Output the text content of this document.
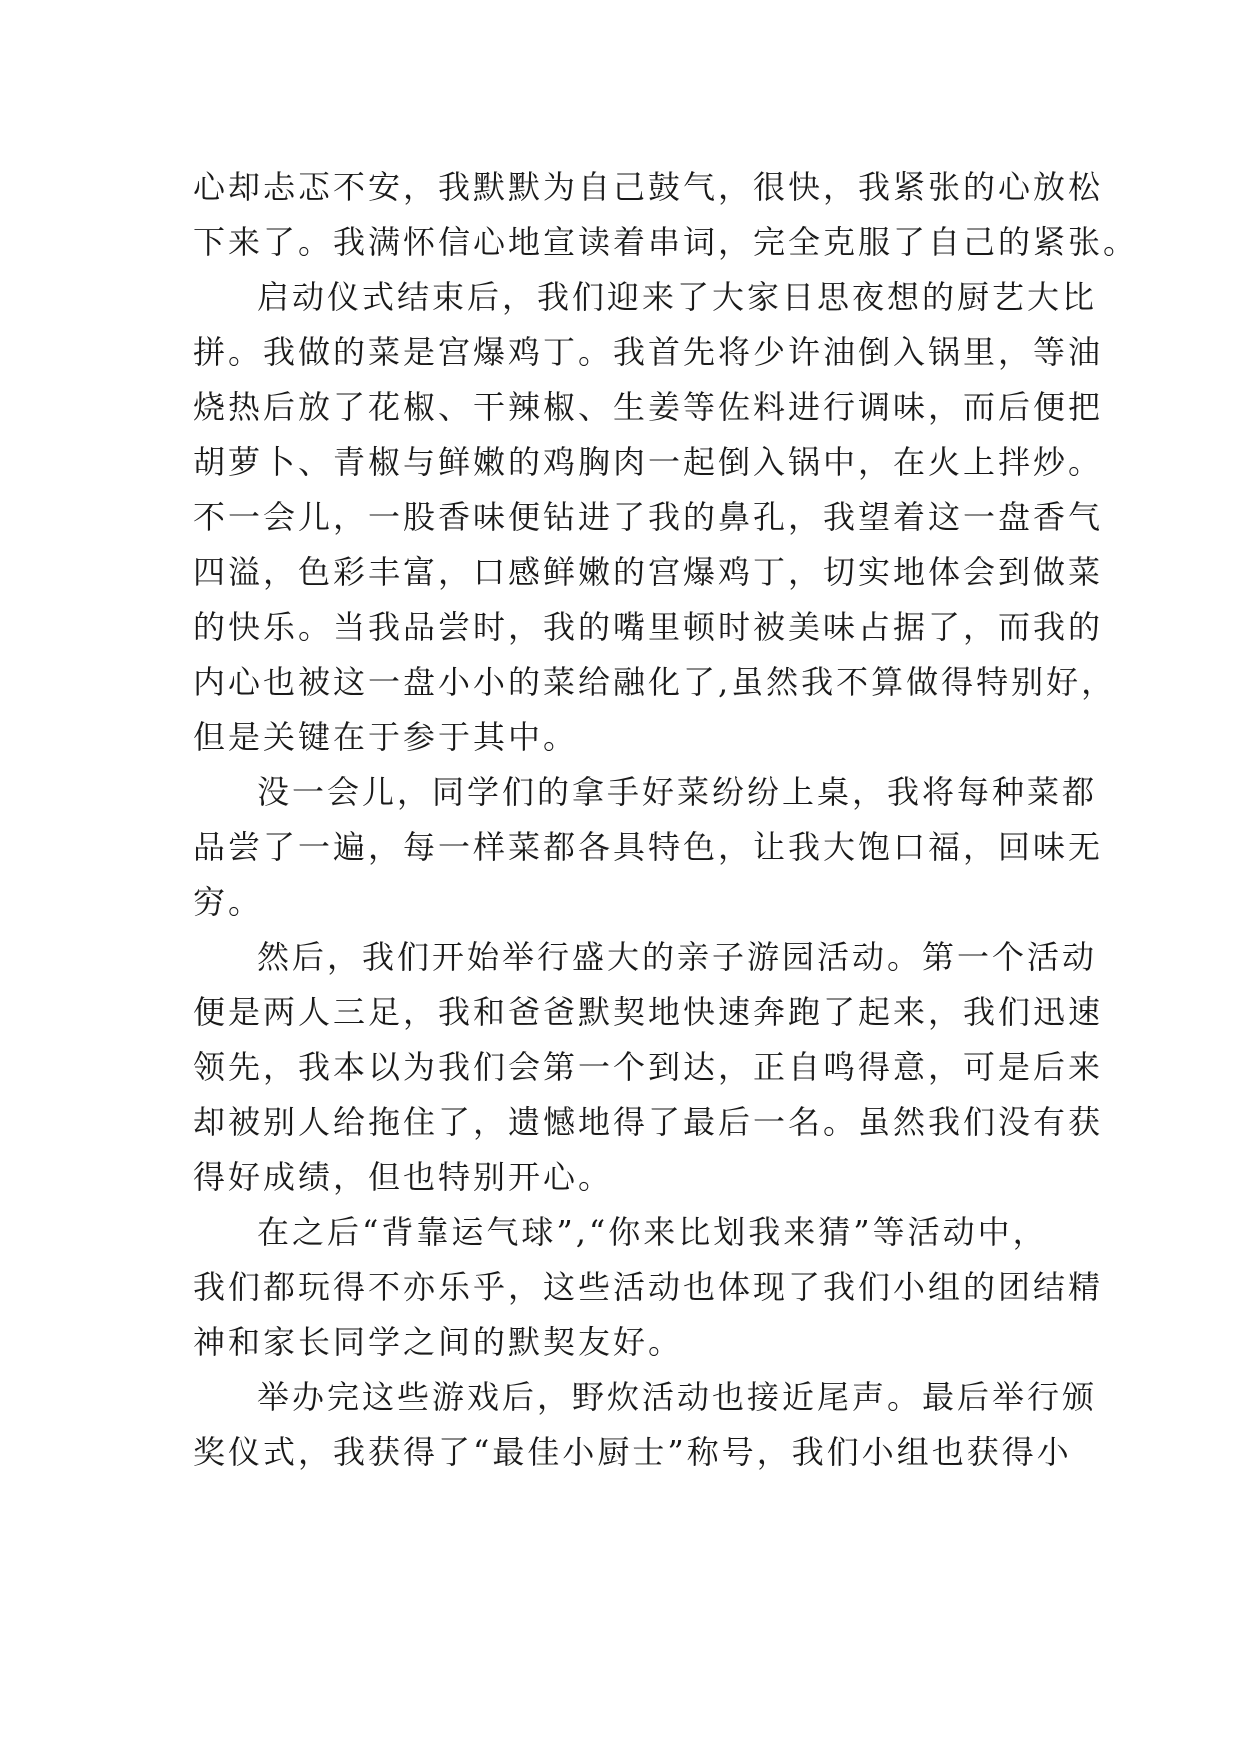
心却忐忑不安，我默默为自己鼓气，很快，我紧张的心放松
下来了。我满怀信心地宣读着串词，完全克服了自己的紧张。
启动仪式结束后，我们迎来了大家日思夜想的厨艺大比
拼。我做的菜是宫爆鸡丁。我首先将少许油倒入锅里，等油
烧热后放了花椒、干辣椒、生姜等佐料进行调味，而后便把
胡萝卜、青椒与鲜嫩的鸡胸肉一起倒入锅中，在火上拌炒。
不一会儿，一股香味便钻进了我的鼻孔，我望着这一盘香气
四溢，色彩丰富，口感鲜嫩的宫爆鸡丁，切实地体会到做菜
的快乐。当我品尝时，我的嘴里顿时被美味占据了，而我的
内心也被这一盘小小的菜给融化了,虽然我不算做得特别好，
但是关键在于参于其中。
没一会儿，同学们的拿手好菜纷纷上桌，我将每种菜都
品尝了一遍，每一样菜都各具特色，让我大饱口福，回味无
穷。
然后，我们开始举行盛大的亲子游园活动。第一个活动
便是两人三足，我和爸爸默契地快速奔跑了起来，我们迅速
领先，我本以为我们会第一个到达，正自鸣得意，可是后来
却被别人给拖住了，遗憾地得了最后一名。虽然我们没有获
得好成绩，但也特别开心。
在之后“背靠运气球”,“你来比划我来猜”等活动中，
我们都玩得不亦乐乎，这些活动也体现了我们小组的团结精
神和家长同学之间的默契友好。
举办完这些游戏后，野炊活动也接近尾声。最后举行颁
奖仪式，我获得了“最佳小厨士”称号，我们小组也获得小
